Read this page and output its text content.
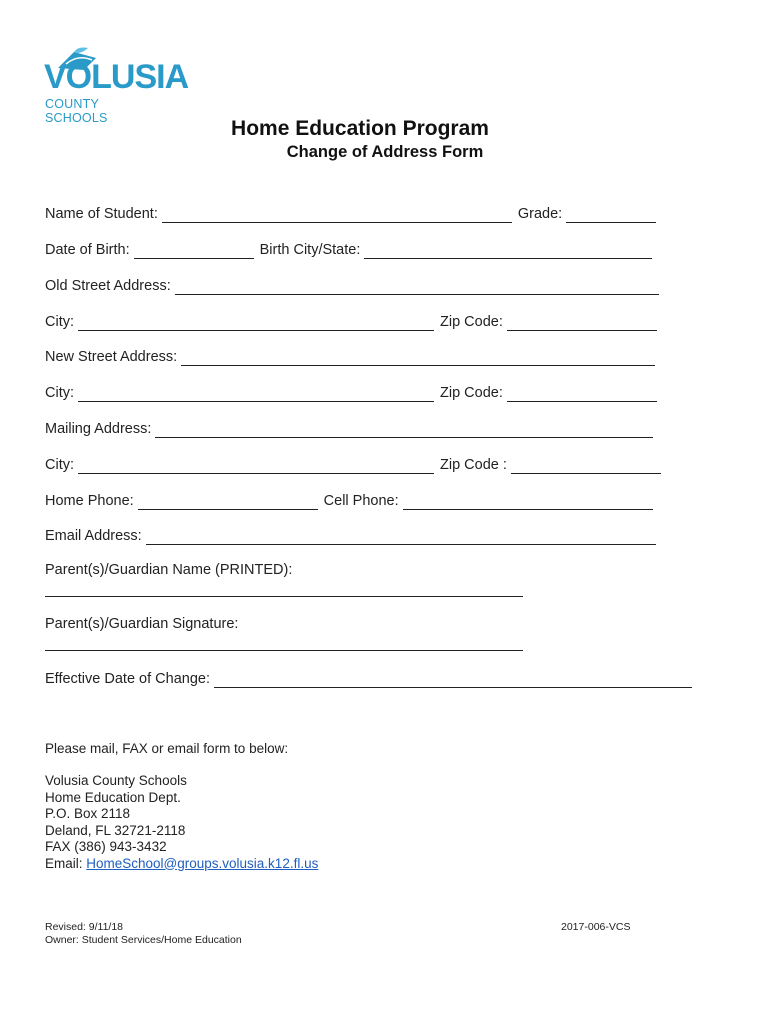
VOLUSIA
COUNTY SCHOOLS	Home Education Program
Change of Address Form
Name of Student:	Grade:
Date of Birth:	Birth City/State:
Old Street Address:
City:	Zip Code:
New Street Address:
City:	Zip Code:
Mailing Address:
City:	Zip Code :
Home Phone:	Cell Phone:
Email Address:
Parent(s)/Guardian Name (PRINTED):
Parent(s)/Guardian Signature:
Effective Date of Change:
Please mail, FAX or email form to below:
Volusia County Schools
Home Education Dept.
P.O. Box 2118
Deland, FL 32721-2118
FAX (386) 943-3432
Email: HomeSchool@groups.volusia.k12.fl.us
Revised: 9/11/18
Owner: Student Services/Home Education
2017-006-VCS
